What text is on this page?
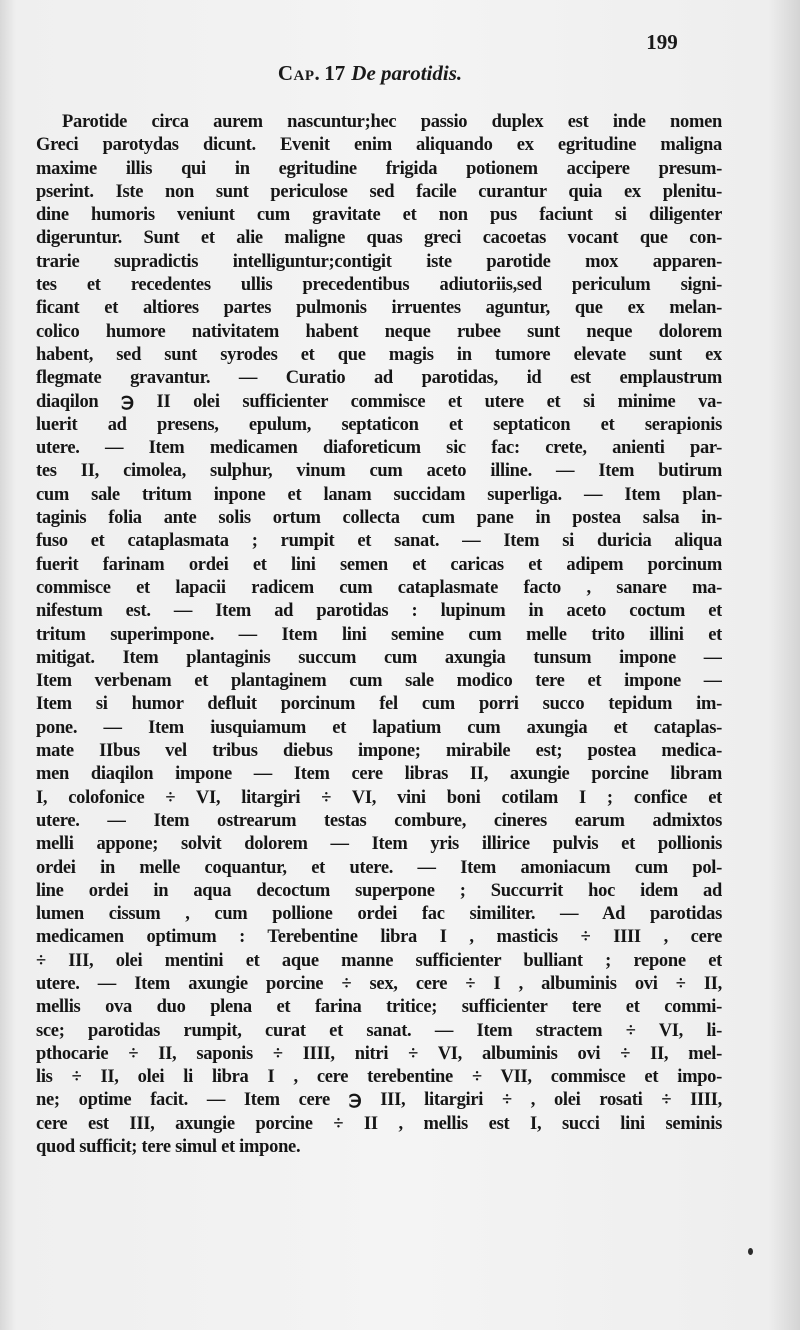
199
Cap. 17 De parotidis.
Parotide circa aurem nascuntur;hec passio duplex est inde nomen
Greci parotydas dicunt. Evenit enim aliquando ex egritudine maligna
maxime illis qui in egritudine frigida potionem accipere presum-
pserint. Iste non sunt periculose sed facile curantur quia ex plenitu-
dine humoris veniunt cum gravitate et non pus faciunt si diligenter
digeruntur. Sunt et alie maligne quas greci cacoetas vocant que con-
trarie supradictis intelliguntur;contigit iste parotide mox apparen-
tes et recedentes ullis precedentibus adiutoriis,sed periculum signi-
ficant et altiores partes pulmonis irruentes aguntur, que ex melan-
colico humore nativitatem habent neque rubee sunt neque dolorem
habent, sed sunt syrodes et que magis in tumore elevate sunt ex
flegmate gravantur. — Curatio ad parotidas, id est emplaustrum
diaqilon ℈ II olei sufficienter commisce et utere et si minime va-
luerit ad presens, epulum, septaticon et septaticon et serapionis
utere. — Item medicamen diaforeticum sic fac: crete, anienti par-
tes II, cimolea, sulphur, vinum cum aceto illine. — Item butirum
cum sale tritum inpone et lanam succidam superliga. — Item plan-
taginis folia ante solis ortum collecta cum pane in postea salsa in-
fuso et cataplasmata ; rumpit et sanat. — Item si duricia aliqua
fuerit farinam ordei et lini semen et caricas et adipem porcinum
commisce et lapacii radicem cum cataplasmate facto , sanare ma-
nifestum est. — Item ad parotidas : lupinum in aceto coctum et
tritum superimpone. — Item lini semine cum melle trito illini et
mitigat. Item plantaginis succum cum axungia tunsum impone —
Item verbenam et plantaginem cum sale modico tere et impone —
Item si humor defluit porcinum fel cum porri succo tepidum im-
pone. — Item iusquiamum et lapatium cum axungia et cataplas-
mate IIbus vel tribus diebus impone; mirabile est; postea medica-
men diaqilon impone — Item cere libras II, axungie porcine libram
I, colofonice ÷ VI, litargiri ÷ VI, vini boni cotilam I ; confice et
utere. — Item ostrearum testas combure, cineres earum admixtos
melli appone; solvit dolorem — Item yris illirice pulvis et pollionis
ordei in melle coquantur, et utere. — Item amoniacum cum pol-
line ordei in aqua decoctum superpone ; Succurrit hoc idem ad
lumen cissum , cum pollione ordei fac similiter. — Ad parotidas
medicamen optimum : Terebentine libra I , masticis ÷ IIII , cere
÷ III, olei mentini et aque manne sufficienter bulliant ; repone et
utere. — Item axungie porcine ÷ sex, cere ÷ I , albuminis ovi ÷ II,
mellis ova duo plena et farina tritice; sufficienter tere et commi-
sce; parotidas rumpit, curat et sanat. — Item stractem ÷ VI, li-
pthocarie ÷ II, saponis ÷ IIII, nitri ÷ VI, albuminis ovi ÷ II, mel-
lis ÷ II, olei li libra I , cere terebentine ÷ VII, commisce et impo-
ne; optime facit. — Item cere ℈ III, litargiri ÷ , olei rosati ÷ IIII,
cere est III, axungie porcine ÷ II , mellis est I, succi lini seminis
quod sufficit; tere simul et impone.
